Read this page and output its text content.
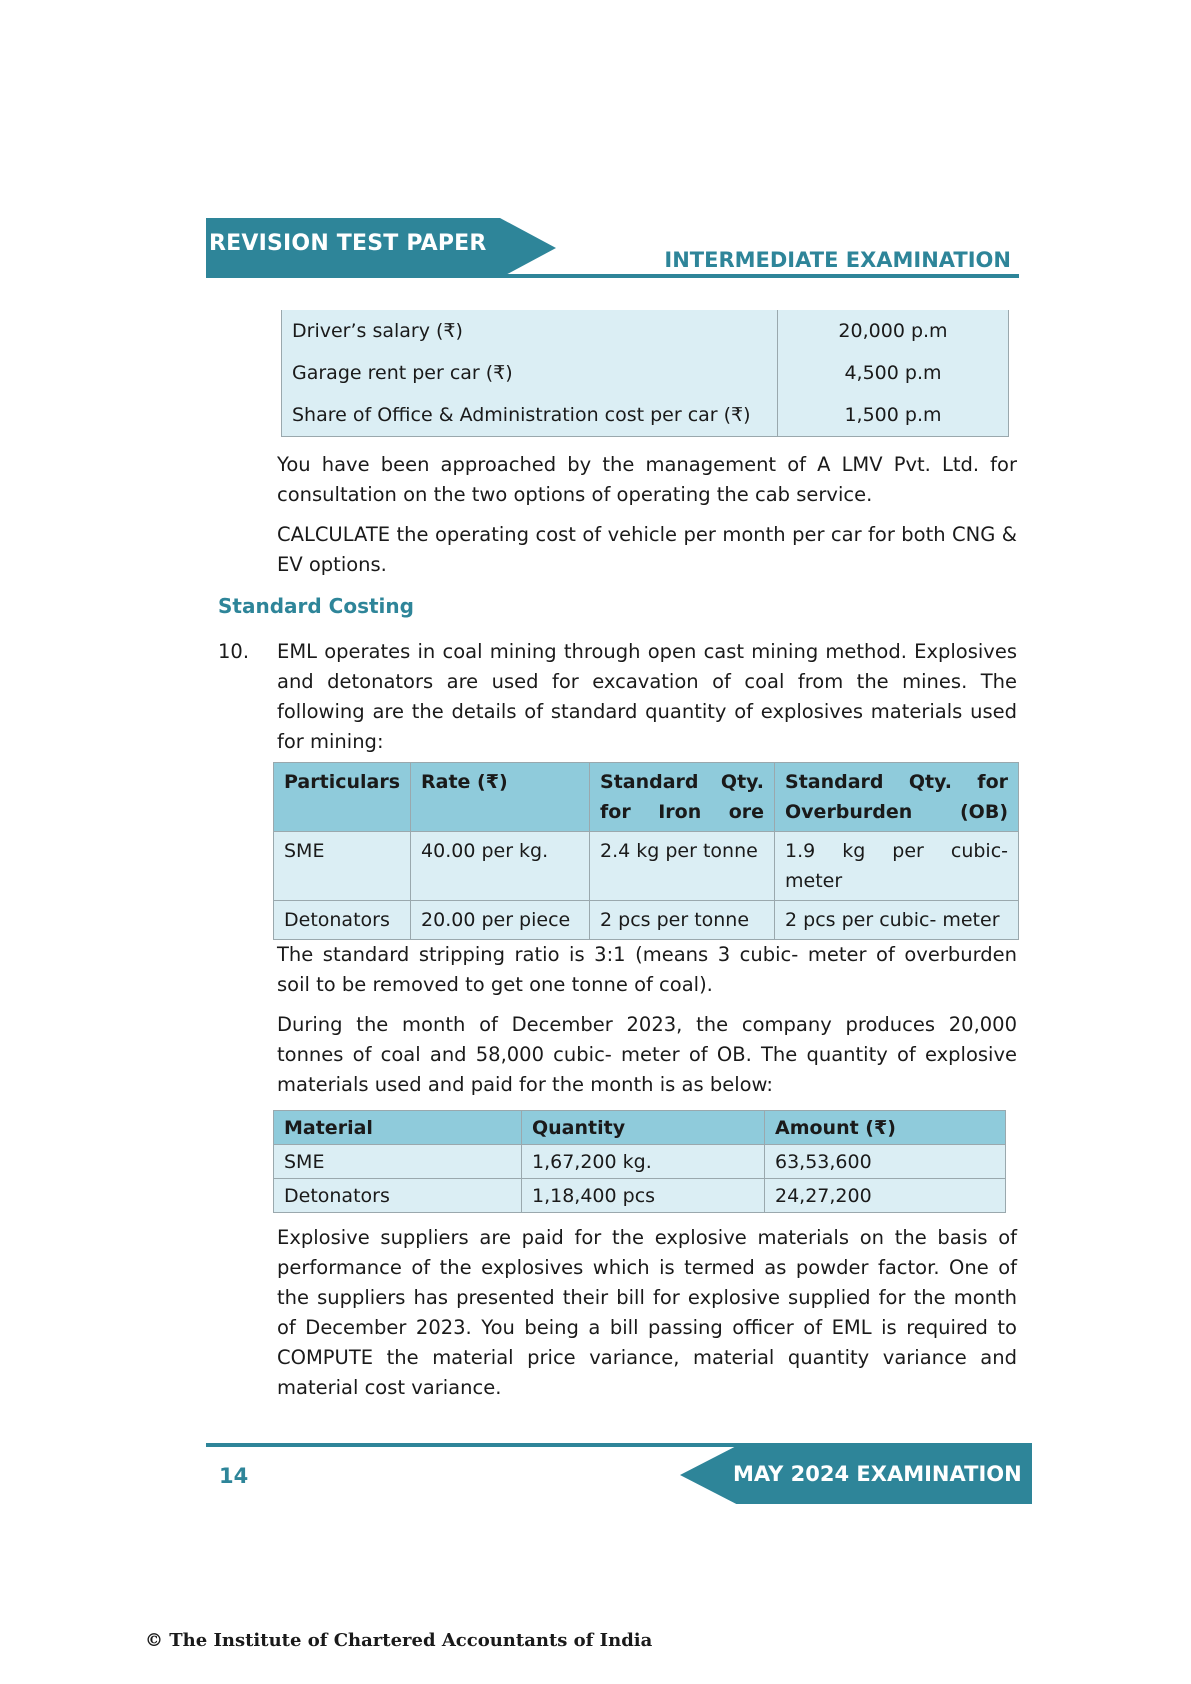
REVISION TEST PAPER
INTERMEDIATE EXAMINATION
Driver’s salary (₹)	20,000 p.m
Garage rent per car (₹)	4,500 p.m
Share of Office & Administration cost per car (₹)	1,500 p.m
You have been approached by the management of A LMV Pvt. Ltd. for consultation on the two options of operating the cab service.
CALCULATE the operating cost of vehicle per month per car for both CNG & EV options.
Standard Costing
10. EML operates in coal mining through open cast mining method. Explosives and detonators are used for excavation of coal from the mines. The following are the details of standard quantity of explosives materials used for mining:
Particulars	Rate (₹)	Standard Qty. for Iron ore	Standard Qty. for Overburden (OB)
SME	40.00 per kg.	2.4 kg per tonne	1.9 kg per cubic- meter
Detonators	20.00 per piece	2 pcs per tonne	2 pcs per cubic- meter
The standard stripping ratio is 3:1 (means 3 cubic- meter of overburden soil to be removed to get one tonne of coal).
During the month of December 2023, the company produces 20,000 tonnes of coal and 58,000 cubic- meter of OB. The quantity of explosive materials used and paid for the month is as below:
Material	Quantity	Amount (₹)
SME	1,67,200 kg.	63,53,600
Detonators	1,18,400 pcs	24,27,200
Explosive suppliers are paid for the explosive materials on the basis of performance of the explosives which is termed as powder factor. One of the suppliers has presented their bill for explosive supplied for the month of December 2023. You being a bill passing officer of EML is required to COMPUTE the material price variance, material quantity variance and material cost variance.
MAY 2024 EXAMINATION
14
© The Institute of Chartered Accountants of India
